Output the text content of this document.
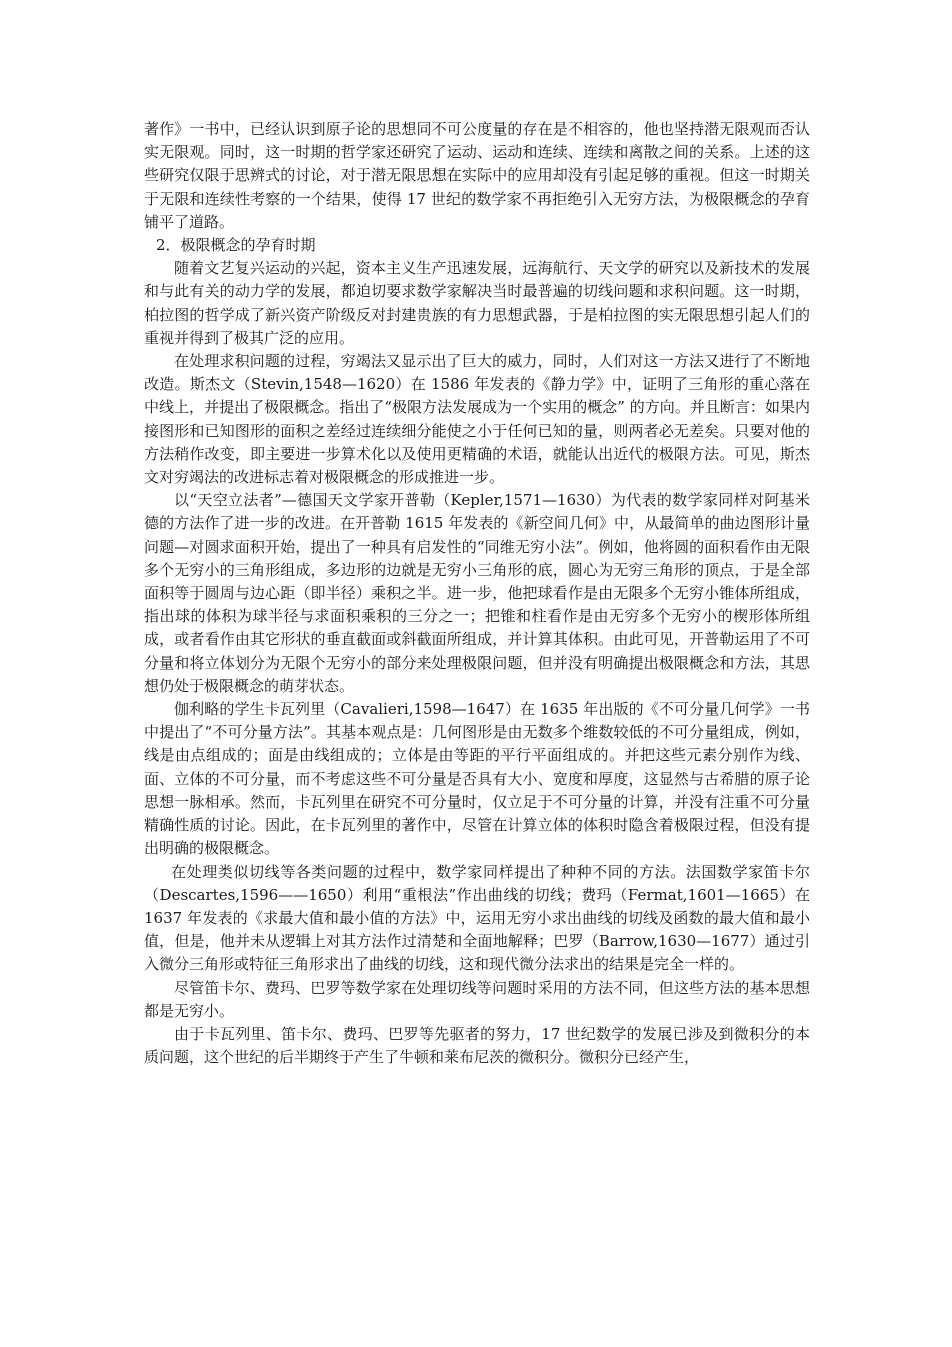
著作》一书中，已经认识到原子论的思想同不可公度量的存在是不相容的，他也坚持潜无限观而否认实无限观。同时，这一时期的哲学家还研究了运动、运动和连续、连续和离散之间的关系。上述的这些研究仅限于思辨式的讨论，对于潜无限思想在实际中的应用却没有引起足够的重视。但这一时期关于无限和连续性考察的一个结果，使得 17 世纪的数学家不再拒绝引入无穷方法，为极限概念的孕育铺平了道路。

2．极限概念的孕育时期

随着文艺复兴运动的兴起，资本主义生产迅速发展，远海航行、天文学的研究以及新技术的发展和与此有关的动力学的发展，都迫切要求数学家解决当时最普遍的切线问题和求积问题。这一时期，柏拉图的哲学成了新兴资产阶级反对封建贵族的有力思想武器，于是柏拉图的实无限思想引起人们的重视并得到了极其广泛的应用。

在处理求积问题的过程，穷竭法又显示出了巨大的威力，同时，人们对这一方法又进行了不断地改造。斯杰文（Stevin,1548—1620）在 1586 年发表的《静力学》中，证明了三角形的重心落在中线上，并提出了极限概念。指出了“极限方法发展成为一个实用的概念” 的方向。并且断言：如果内接图形和已知图形的面积之差经过连续细分能使之小于任何已知的量，则两者必无差矣。只要对他的方法稍作改变，即主要进一步算术化以及使用更精确的术语，就能认出近代的极限方法。可见，斯杰文对穷竭法的改进标志着对极限概念的形成推进一步。

以“天空立法者”—德国天文学家开普勒（Kepler,1571—1630）为代表的数学家同样对阿基米德的方法作了进一步的改进。在开普勒 1615 年发表的《新空间几何》中，从最简单的曲边图形计量问题—对圆求面积开始，提出了一种具有启发性的“同维无穷小法”。例如，他将圆的面积看作由无限多个无穷小的三角形组成，多边形的边就是无穷小三角形的底，圆心为无穷三角形的顶点，于是全部面积等于圆周与边心距（即半径）乘积之半。进一步，他把球看作是由无限多个无穷小锥体所组成，指出球的体积为球半径与求面积乘积的三分之一；把锥和柱看作是由无穷多个无穷小的楔形体所组成，或者看作由其它形状的垂直截面或斜截面所组成，并计算其体积。由此可见，开普勒运用了不可分量和将立体划分为无限个无穷小的部分来处理极限问题，但并没有明确提出极限概念和方法，其思想仍处于极限概念的萌芽状态。

伽利略的学生卡瓦列里（Cavalieri,1598—1647）在 1635 年出版的《不可分量几何学》一书中提出了“不可分量方法”。其基本观点是：几何图形是由无数多个维数较低的不可分量组成，例如，线是由点组成的；面是由线组成的；立体是由等距的平行平面组成的。并把这些元素分别作为线、面、立体的不可分量，而不考虑这些不可分量是否具有大小、宽度和厚度，这显然与古希腊的原子论思想一脉相承。然而，卡瓦列里在研究不可分量时，仅立足于不可分量的计算，并没有注重不可分量精确性质的讨论。因此，在卡瓦列里的著作中，尽管在计算立体的体积时隐含着极限过程，但没有提出明确的极限概念。

在处理类似切线等各类问题的过程中，数学家同样提出了种种不同的方法。法国数学家笛卡尔（Descartes,1596——1650）利用“重根法”作出曲线的切线；费玛（Fermat,1601—1665）在 1637 年发表的《求最大值和最小值的方法》中，运用无穷小求出曲线的切线及函数的最大值和最小值，但是，他并未从逻辑上对其方法作过清楚和全面地解释；巴罗（Barrow,1630—1677）通过引入微分三角形或特征三角形求出了曲线的切线，这和现代微分法求出的结果是完全一样的。

尽管笛卡尔、费玛、巴罗等数学家在处理切线等问题时采用的方法不同，但这些方法的基本思想都是无穷小。

由于卡瓦列里、笛卡尔、费玛、巴罗等先驱者的努力，17 世纪数学的发展已涉及到微积分的本质问题，这个世纪的后半期终于产生了牛顿和莱布尼茨的微积分。微积分已经产生，
